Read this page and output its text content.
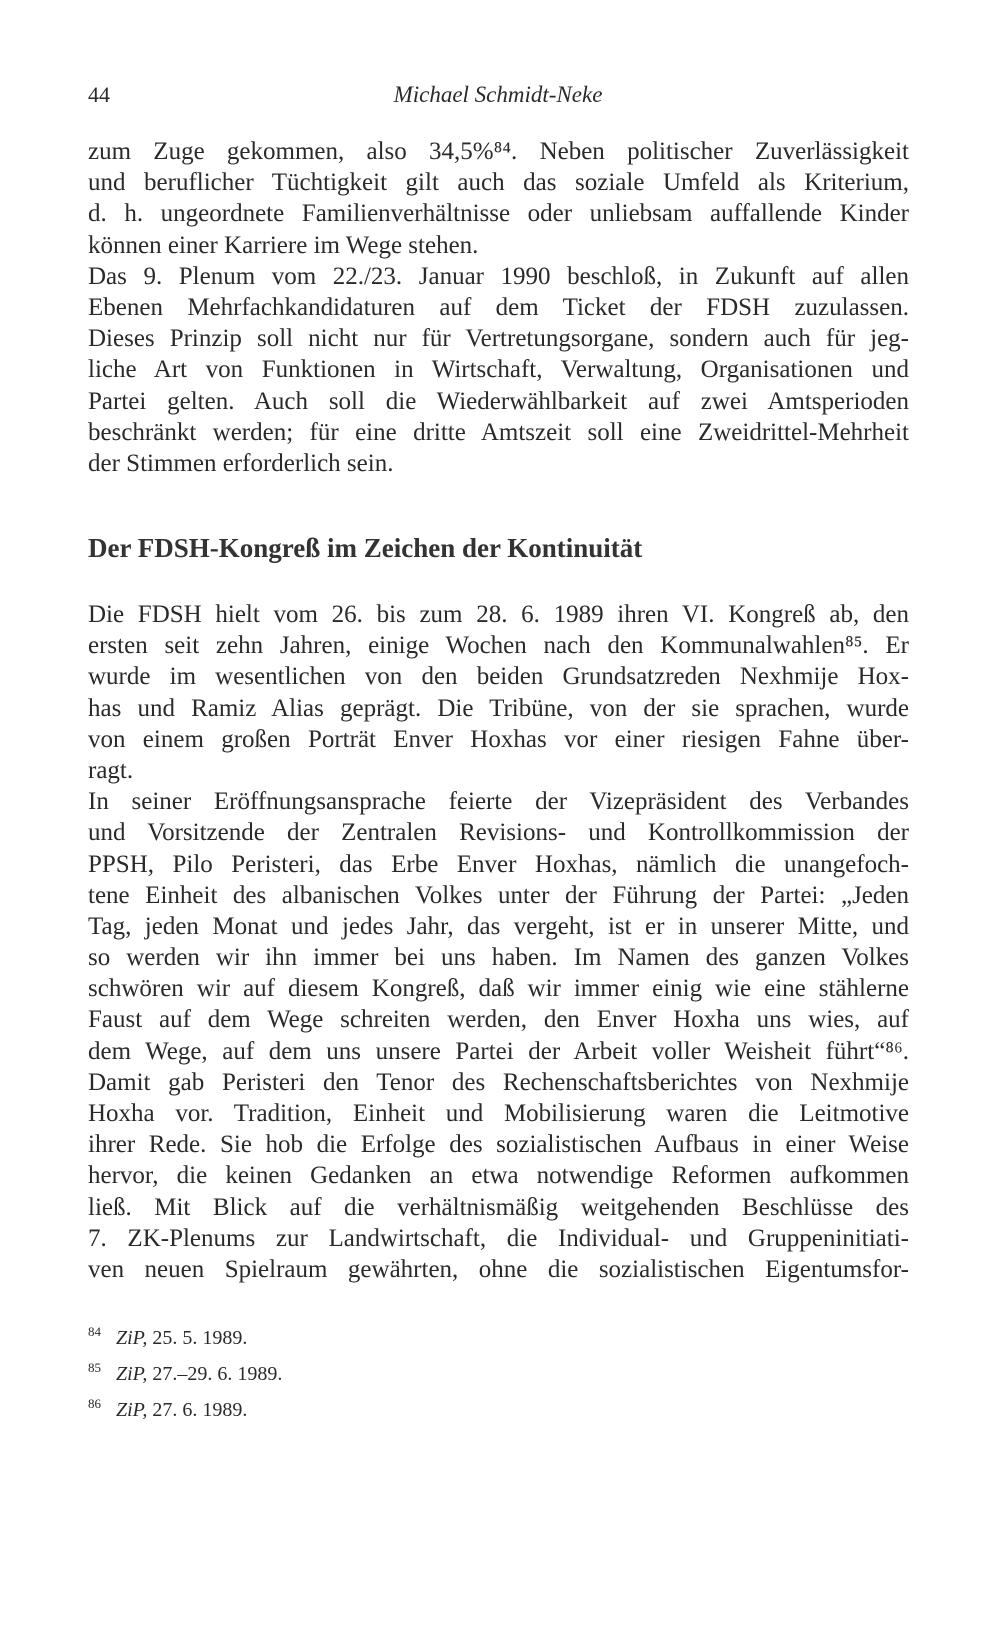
44	Michael Schmidt-Neke
zum Zuge gekommen, also 34,5%⁸⁴. Neben politischer Zuverlässigkeit
und beruflicher Tüchtigkeit gilt auch das soziale Umfeld als Kriterium,
d. h. ungeordnete Familienverhältnisse oder unliebsam auffallende Kinder
können einer Karriere im Wege stehen.
Das 9. Plenum vom 22./23. Januar 1990 beschloß, in Zukunft auf allen
Ebenen Mehrfachkandidaturen auf dem Ticket der FDSH zuzulassen.
Dieses Prinzip soll nicht nur für Vertretungsorgane, sondern auch für jeg-
liche Art von Funktionen in Wirtschaft, Verwaltung, Organisationen und
Partei gelten. Auch soll die Wiederwählbarkeit auf zwei Amtsperioden
beschränkt werden; für eine dritte Amtszeit soll eine Zweidrittel-Mehrheit
der Stimmen erforderlich sein.
Der FDSH-Kongreß im Zeichen der Kontinuität
Die FDSH hielt vom 26. bis zum 28. 6. 1989 ihren VI. Kongreß ab, den
ersten seit zehn Jahren, einige Wochen nach den Kommunalwahlen⁸⁵. Er
wurde im wesentlichen von den beiden Grundsatzreden Nexhmije Hox-
has und Ramiz Alias geprägt. Die Tribüne, von der sie sprachen, wurde
von einem großen Porträt Enver Hoxhas vor einer riesigen Fahne über-
ragt.
In seiner Eröffnungsansprache feierte der Vizepräsident des Verbandes
und Vorsitzende der Zentralen Revisions- und Kontrollkommission der
PPSH, Pilo Peristeri, das Erbe Enver Hoxhas, nämlich die unangefoch-
tene Einheit des albanischen Volkes unter der Führung der Partei: „Jeden
Tag, jeden Monat und jedes Jahr, das vergeht, ist er in unserer Mitte, und
so werden wir ihn immer bei uns haben. Im Namen des ganzen Volkes
schwören wir auf diesem Kongreß, daß wir immer einig wie eine stählerne
Faust auf dem Wege schreiten werden, den Enver Hoxha uns wies, auf
dem Wege, auf dem uns unsere Partei der Arbeit voller Weisheit führt“⁸⁶.
Damit gab Peristeri den Tenor des Rechenschaftsberichtes von Nexhmije
Hoxha vor. Tradition, Einheit und Mobilisierung waren die Leitmotive
ihrer Rede. Sie hob die Erfolge des sozialistischen Aufbaus in einer Weise
hervor, die keinen Gedanken an etwa notwendige Reformen aufkommen
ließ. Mit Blick auf die verhältnismäßig weitgehenden Beschlüsse des
7. ZK-Plenums zur Landwirtschaft, die Individual- und Gruppeninitiati-
ven neuen Spielraum gewährten, ohne die sozialistischen Eigentumsfor-
84 ZiP, 25. 5. 1989.
85 ZiP, 27.–29. 6. 1989.
86 ZiP, 27. 6. 1989.
